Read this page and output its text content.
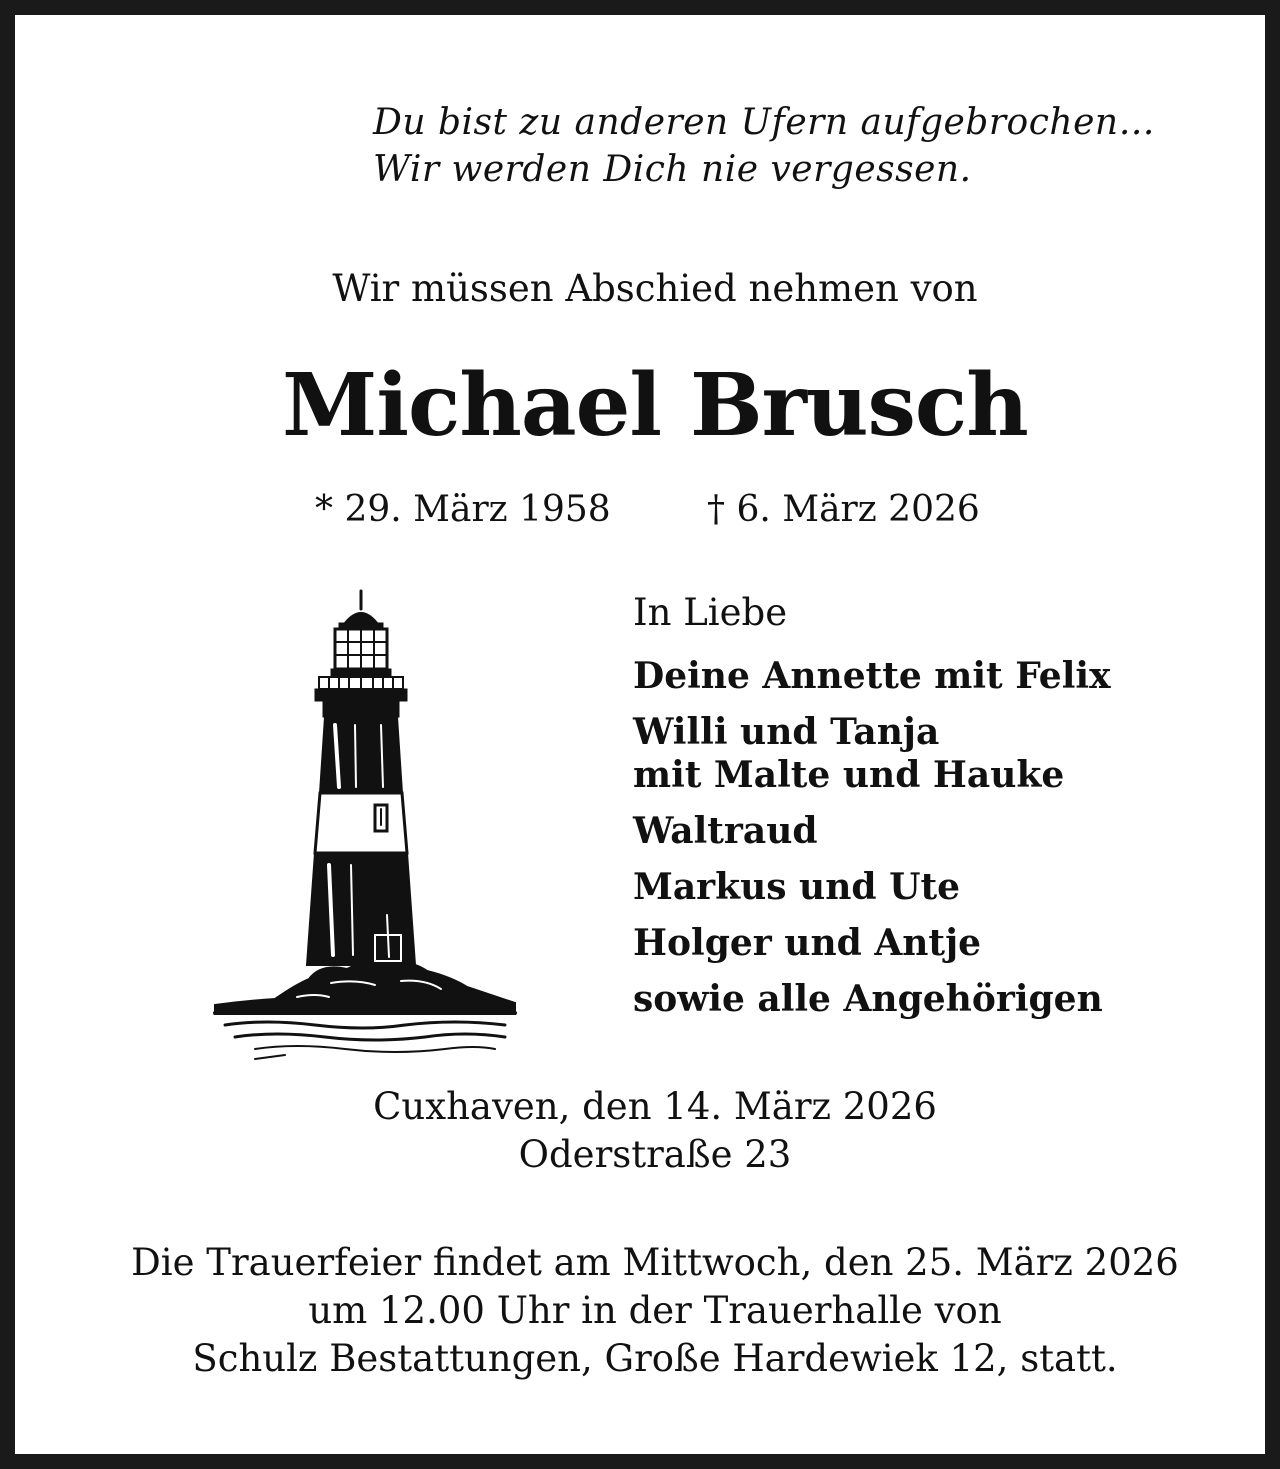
Du bist zu anderen Ufern aufgebrochen…
Wir werden Dich nie vergessen.
Wir müssen Abschied nehmen von
Michael Brusch
* 29. März 1958	† 6. März 2026
In Liebe
Deine Annette mit Felix
Willi und Tanja
mit Malte und Hauke
Waltraud
Markus und Ute
Holger und Antje
sowie alle Angehörigen
Cuxhaven, den 14. März 2026
Oderstraße 23
Die Trauerfeier findet am Mittwoch, den 25. März 2026
um 12.00 Uhr in der Trauerhalle von
Schulz Bestattungen, Große Hardewiek 12, statt.
